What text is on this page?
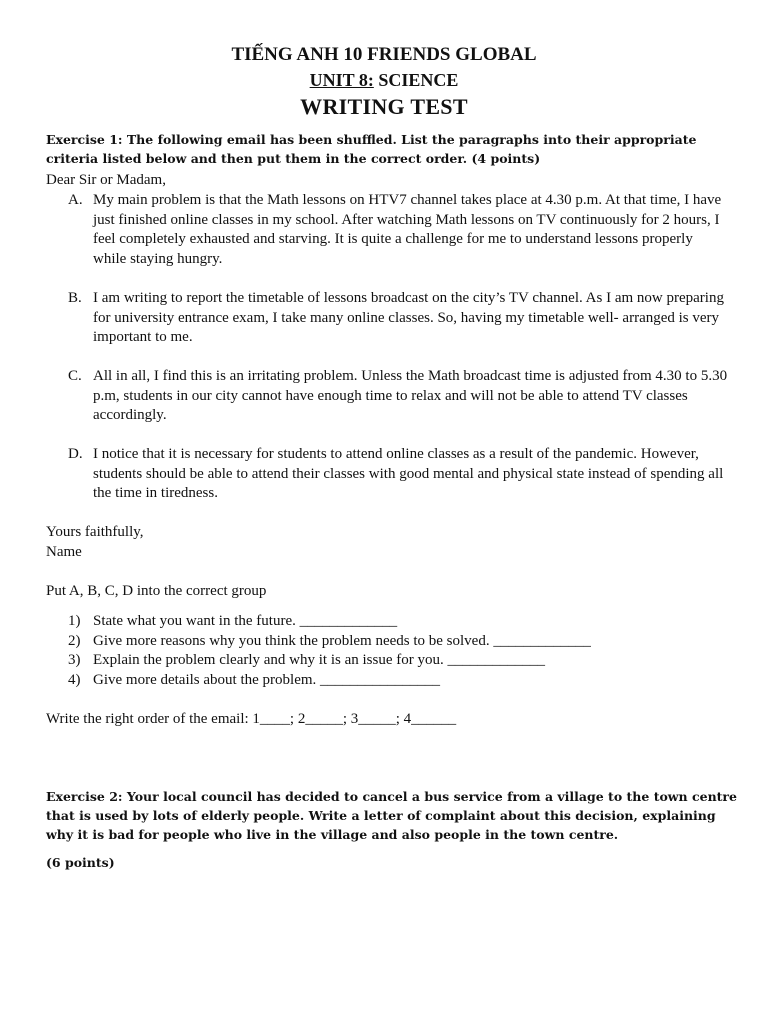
TIẾNG ANH 10 FRIENDS GLOBAL
UNIT 8: SCIENCE
WRITING TEST
Exercise 1: The following email has been shuffled. List the paragraphs into their appropriate criteria listed below and then put them in the correct order. (4 points)
Dear Sir or Madam,
A. My main problem is that the Math lessons on HTV7 channel takes place at 4.30 p.m. At that time, I have just finished online classes in my school. After watching Math lessons on TV continuously for 2 hours, I feel completely exhausted and starving. It is quite a challenge for me to understand lessons properly while staying hungry.
B. I am writing to report the timetable of lessons broadcast on the city’s TV channel. As I am now preparing for university entrance exam, I take many online classes. So, having my timetable well- arranged is very important to me.
C. All in all, I find this is an irritating problem. Unless the Math broadcast time is adjusted from 4.30 to 5.30 p.m, students in our city cannot have enough time to relax and will not be able to attend TV classes accordingly.
D. I notice that it is necessary for students to attend online classes as a result of the pandemic. However, students should be able to attend their classes with good mental and physical state instead of spending all the time in tiredness.
Yours faithfully,
Name
Put A, B, C, D into the correct group
1) State what you want in the future. _____________
2) Give more reasons why you think the problem needs to be solved. _____________
3) Explain the problem clearly and why it is an issue for you. _____________
4) Give more details about the problem. ________________
Write the right order of the email: 1____; 2_____; 3_____; 4______
Exercise 2: Your local council has decided to cancel a bus service from a village to the town centre that is used by lots of elderly people. Write a letter of complaint about this decision, explaining why it is bad for people who live in the village and also people in the town centre.
(6 points)
